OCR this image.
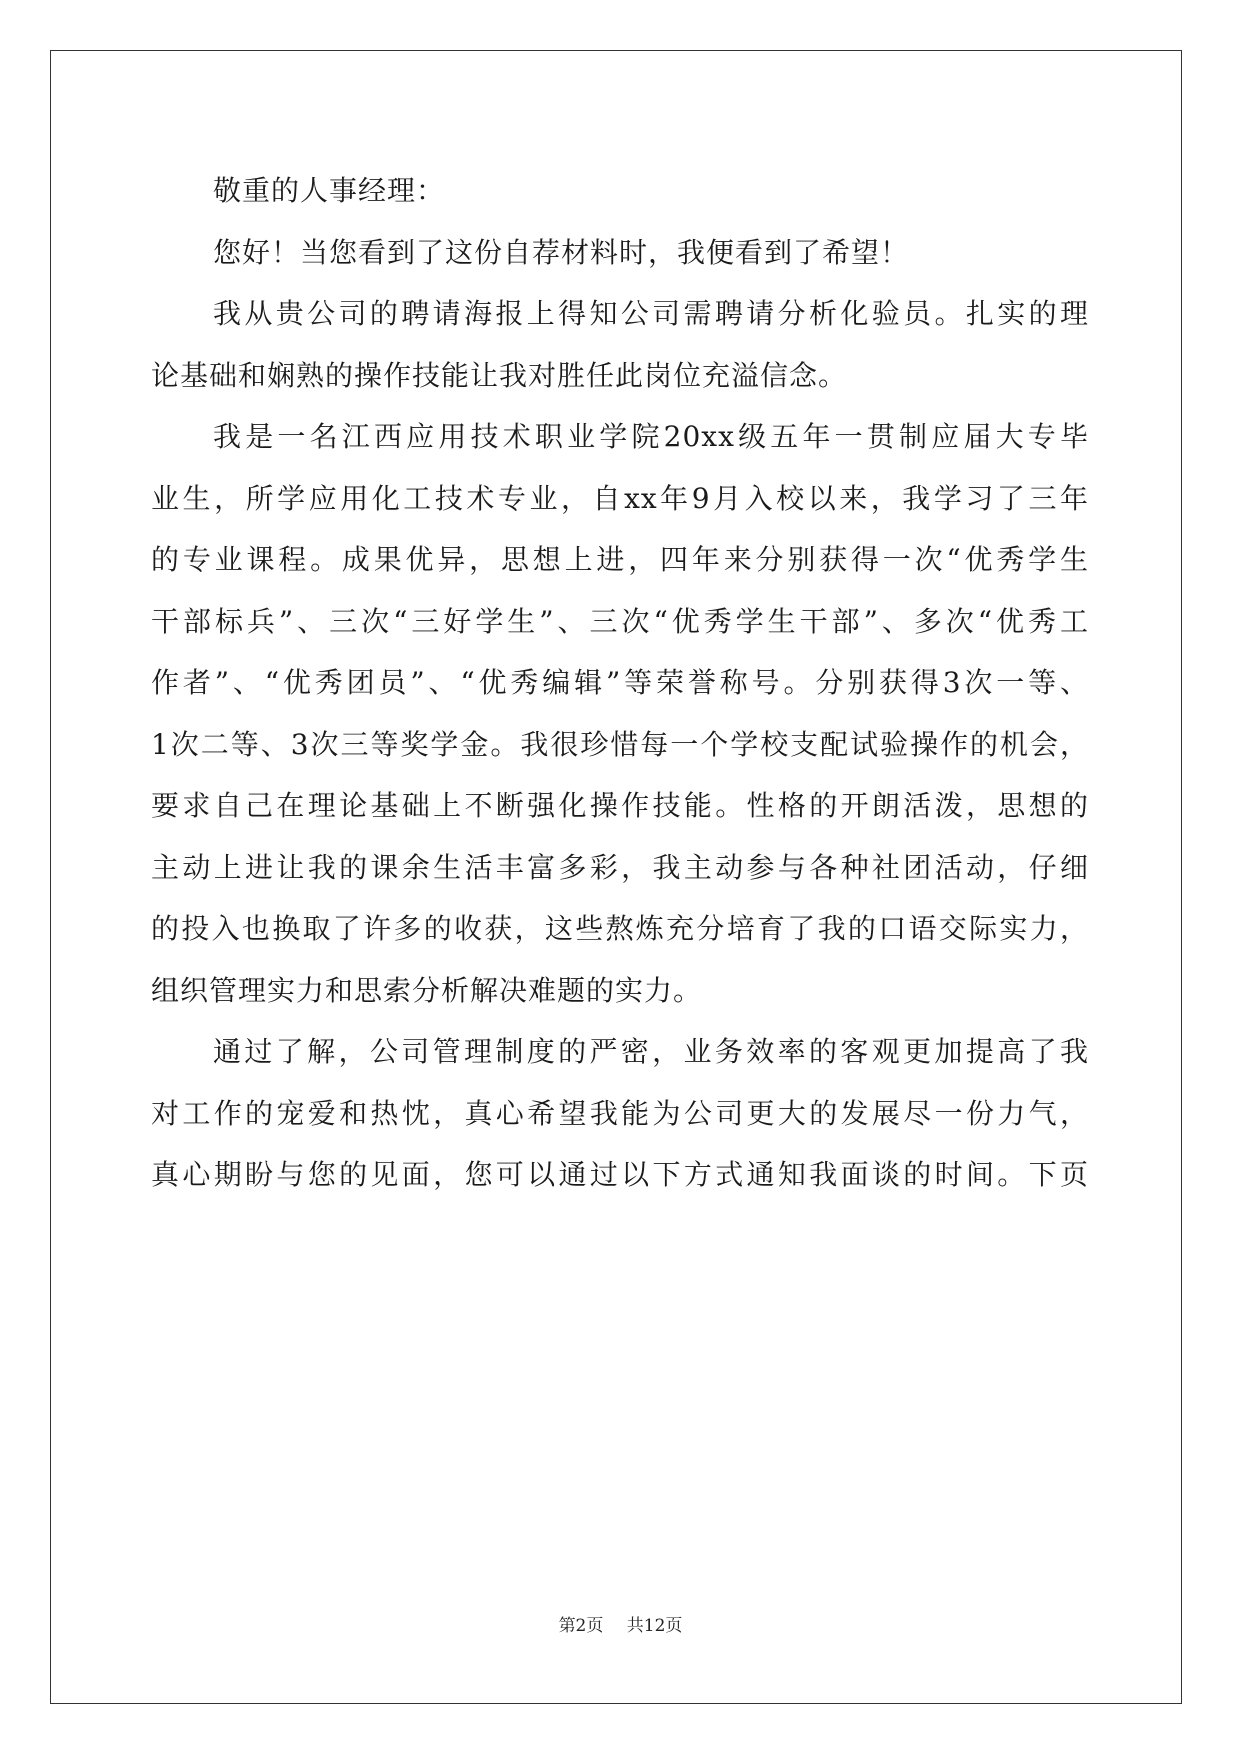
敬重的人事经理：

您好！当您看到了这份自荐材料时，我便看到了希望！

我从贵公司的聘请海报上得知公司需聘请分析化验员。扎实的理
论基础和娴熟的操作技能让我对胜任此岗位充溢信念。

我是一名江西应用技术职业学院20xx级五年一贯制应届大专毕
业生，所学应用化工技术专业，自xx年9月入校以来，我学习了三年
的专业课程。成果优异，思想上进，四年来分别获得一次“优秀学生
干部标兵”、三次“三好学生”、三次“优秀学生干部”、多次“优秀工
作者”、“优秀团员”、“优秀编辑”等荣誉称号。分别获得3次一等、
1次二等、3次三等奖学金。我很珍惜每一个学校支配试验操作的机会，
要求自己在理论基础上不断强化操作技能。性格的开朗活泼，思想的
主动上进让我的课余生活丰富多彩，我主动参与各种社团活动，仔细
的投入也换取了许多的收获，这些熬炼充分培育了我的口语交际实力，
组织管理实力和思索分析解决难题的实力。

通过了解，公司管理制度的严密，业务效率的客观更加提高了我
对工作的宠爱和热忱，真心希望我能为公司更大的发展尽一份力气，
真心期盼与您的见面，您可以通过以下方式通知我面谈的时间。下页

第2页 共12页
